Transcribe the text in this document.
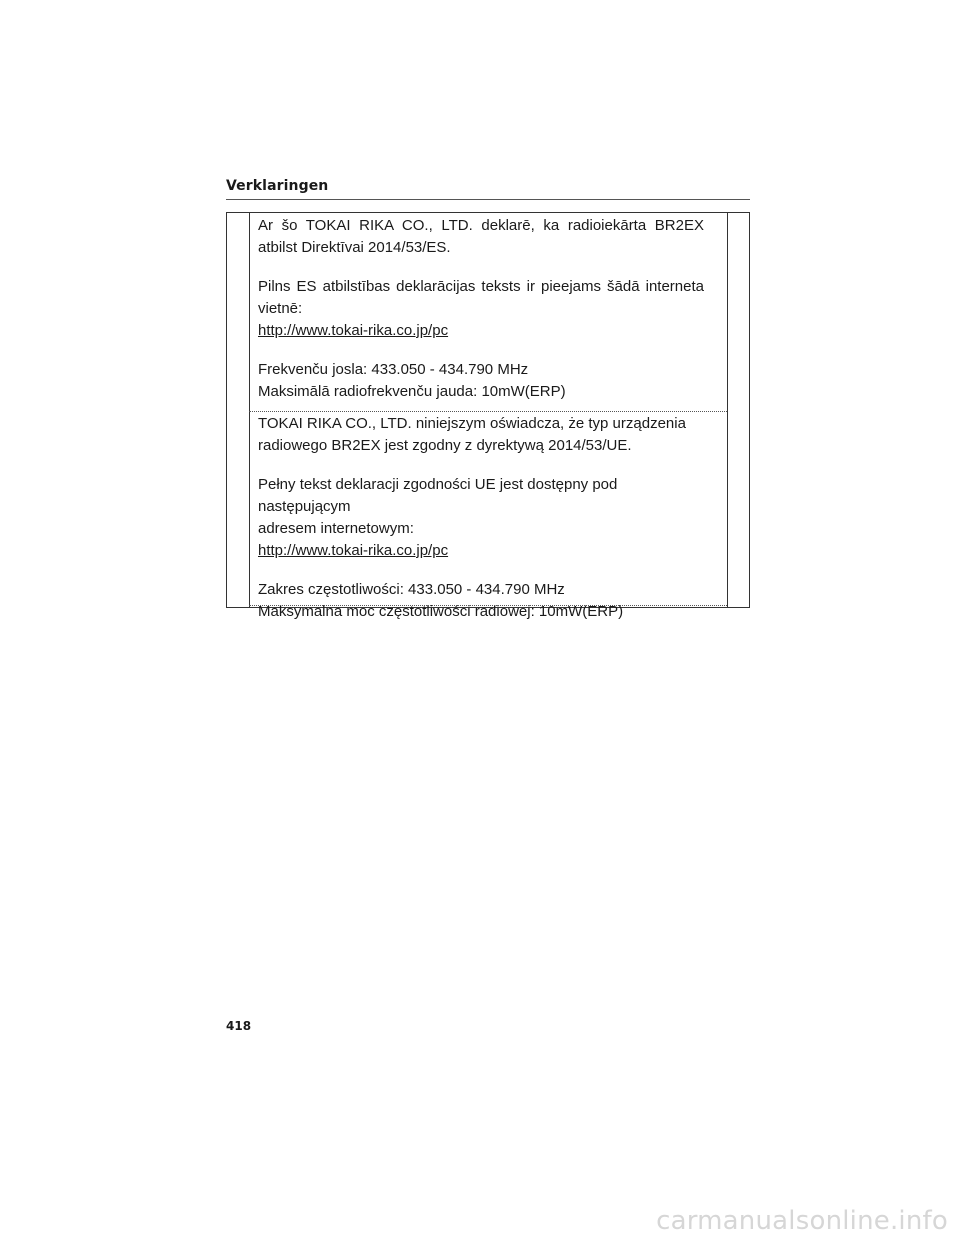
Verklaringen

Ar šo TOKAI RIKA CO., LTD. deklarē, ka radioiekārta BR2EX atbilst Direktīvai 2014/53/ES.

Pilns ES atbilstības deklarācijas teksts ir pieejams šādā interneta vietnē:

http://www.tokai-rika.co.jp/pc

Frekvenču josla: 433.050 - 434.790 MHz

Maksimālā radiofrekvenču jauda: 10mW(ERP)

TOKAI RIKA CO., LTD. niniejszym oświadcza, że typ urządzenia

radiowego BR2EX jest zgodny z dyrektywą 2014/53/UE.

Pełny tekst deklaracji zgodności UE jest dostępny pod następującym

adresem internetowym:

http://www.tokai-rika.co.jp/pc

Zakres częstotliwości: 433.050 - 434.790 MHz

Maksymalna moc częstotliwości radiowej: 10mW(ERP)

418
carmanualsonline.info
